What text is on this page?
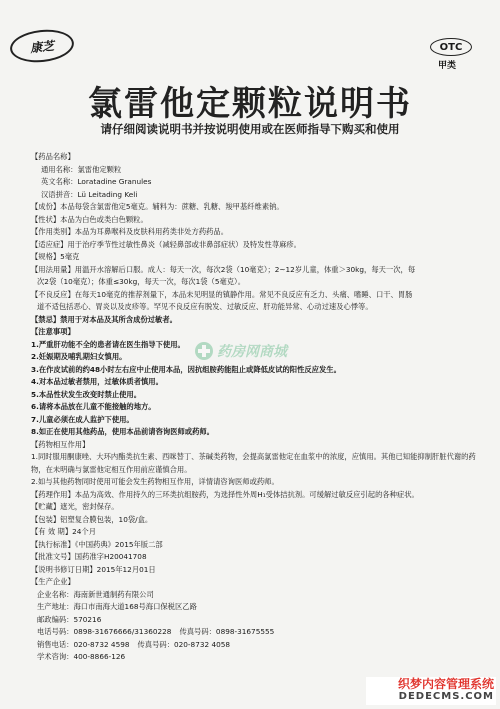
康芝	OTC
甲类
氯雷他定颗粒说明书
请仔细阅读说明书并按说明使用或在医师指导下购买和使用
药房网商城
【药品名称】
通用名称：氯雷他定颗粒
英文名称：Loratadine Granules
汉语拼音：Lü Leitading Keli
【成份】本品每袋含氯雷他定5毫克。辅料为：蔗糖、乳糖、羧甲基纤维素钠。
【性状】本品为白色或类白色颗粒。
【作用类别】本品为耳鼻喉科及皮肤科用药类非处方药药品。
【适应症】用于治疗季节性过敏性鼻炎（减轻鼻部或非鼻部症状）及特发性荨麻疹。
【规格】5毫克
【用法用量】用温开水溶解后口服。成人：每天一次，每次2袋（10毫克）；2~12岁儿童，体重＞30kg，每天一次，每
次2袋（10毫克）；体重≤30kg，每天一次，每次1袋（5毫克）。
【不良反应】在每天10毫克的推荐剂量下，本品未见明显的镇静作用。常见不良反应有乏力、头痛、嗜睡、口干、胃肠
道不适包括恶心、胃炎以及皮疹等。罕见不良反应有脱发、过敏反应、肝功能异常、心动过速及心悸等。
【禁忌】禁用于对本品及其所含成份过敏者。
【注意事项】
1.严重肝功能不全的患者请在医生指导下使用。
2.妊娠期及哺乳期妇女慎用。
3.在作皮试前的约48小时左右应中止使用本品，因抗组胺药能阻止或降低皮试的阳性反应发生。
4.对本品过敏者禁用，过敏体质者慎用。
5.本品性状发生改变时禁止使用。
6.请将本品放在儿童不能接触的地方。
7.儿童必须在成人监护下使用。
8.如正在使用其他药品，使用本品前请咨询医师或药师。
【药物相互作用】
1.同时服用酮康唑、大环内酯类抗生素、西咪替丁、茶碱类药物，会提高氯雷他定在血浆中的浓度，应慎用。其他已知能抑制肝脏代谢的药物，在未明确与氯雷他定相互作用前应谨慎合用。
2.如与其他药物同时使用可能会发生药物相互作用，详情请咨询医师或药师。
【药理作用】本品为高效、作用持久的三环类抗组胺药，为选择性外周H₁受体拮抗剂。可缓解过敏反应引起的各种症状。
【贮藏】遮光，密封保存。
【包装】铝塑复合膜包装，10袋/盒。
【有 效 期】24个月
【执行标准】《中国药典》2015年版二部
【批准文号】国药准字H20041708
【说明书修订日期】2015年12月01日
【生产企业】
企业名称：海南新世通制药有限公司
生产地址：海口市南海大道168号海口保税区乙路
邮政编码：570216
电话号码：0898-31676666/31360228 传真号码：0898-31675555
销售电话：020-8732 4598 传真号码：020-8732 4058
学术咨询：400-8866-126
织梦内容管理系统
DEDECMS.COM
